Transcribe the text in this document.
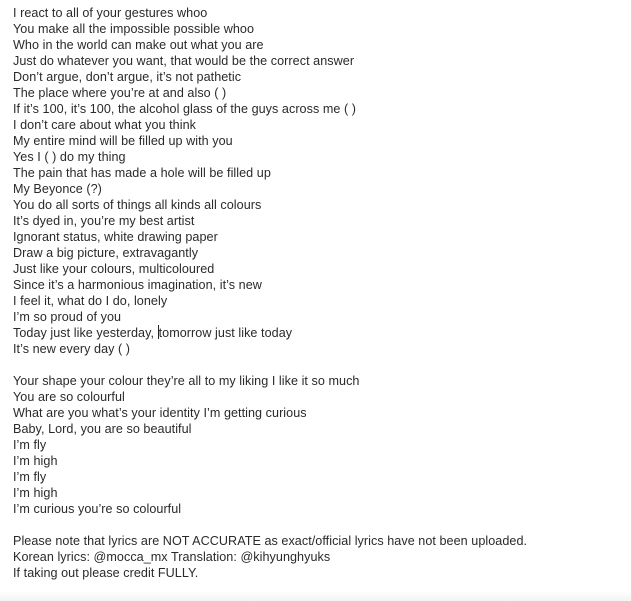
I react to all of your gestures whoo
You make all the impossible possible whoo
Who in the world can make out what you are
Just do whatever you want, that would be the correct answer
Don’t argue, don’t argue, it’s not pathetic
The place where you’re at and also ( )
If it’s 100, it’s 100, the alcohol glass of the guys across me ( )
I don’t care about what you think
My entire mind will be filled up with you
Yes I ( ) do my thing
The pain that has made a hole will be filled up
My Beyonce (?)
You do all sorts of things all kinds all colours
It’s dyed in, you’re my best artist
Ignorant status, white drawing paper
Draw a big picture, extravagantly
Just like your colours, multicoloured
Since it’s a harmonious imagination, it’s new
I feel it, what do I do, lonely
I’m so proud of you
Today just like yesterday, tomorrow just like today
It’s new every day ( )

Your shape your colour they’re all to my liking I like it so much
You are so colourful
What are you what’s your identity I’m getting curious
Baby, Lord, you are so beautiful
I’m fly
I’m high
I’m fly
I’m high
I’m curious you’re so colourful

Please note that lyrics are NOT ACCURATE as exact/official lyrics have not been uploaded.
Korean lyrics: @mocca_mx Translation: @kihyunghyuks
If taking out please credit FULLY.
